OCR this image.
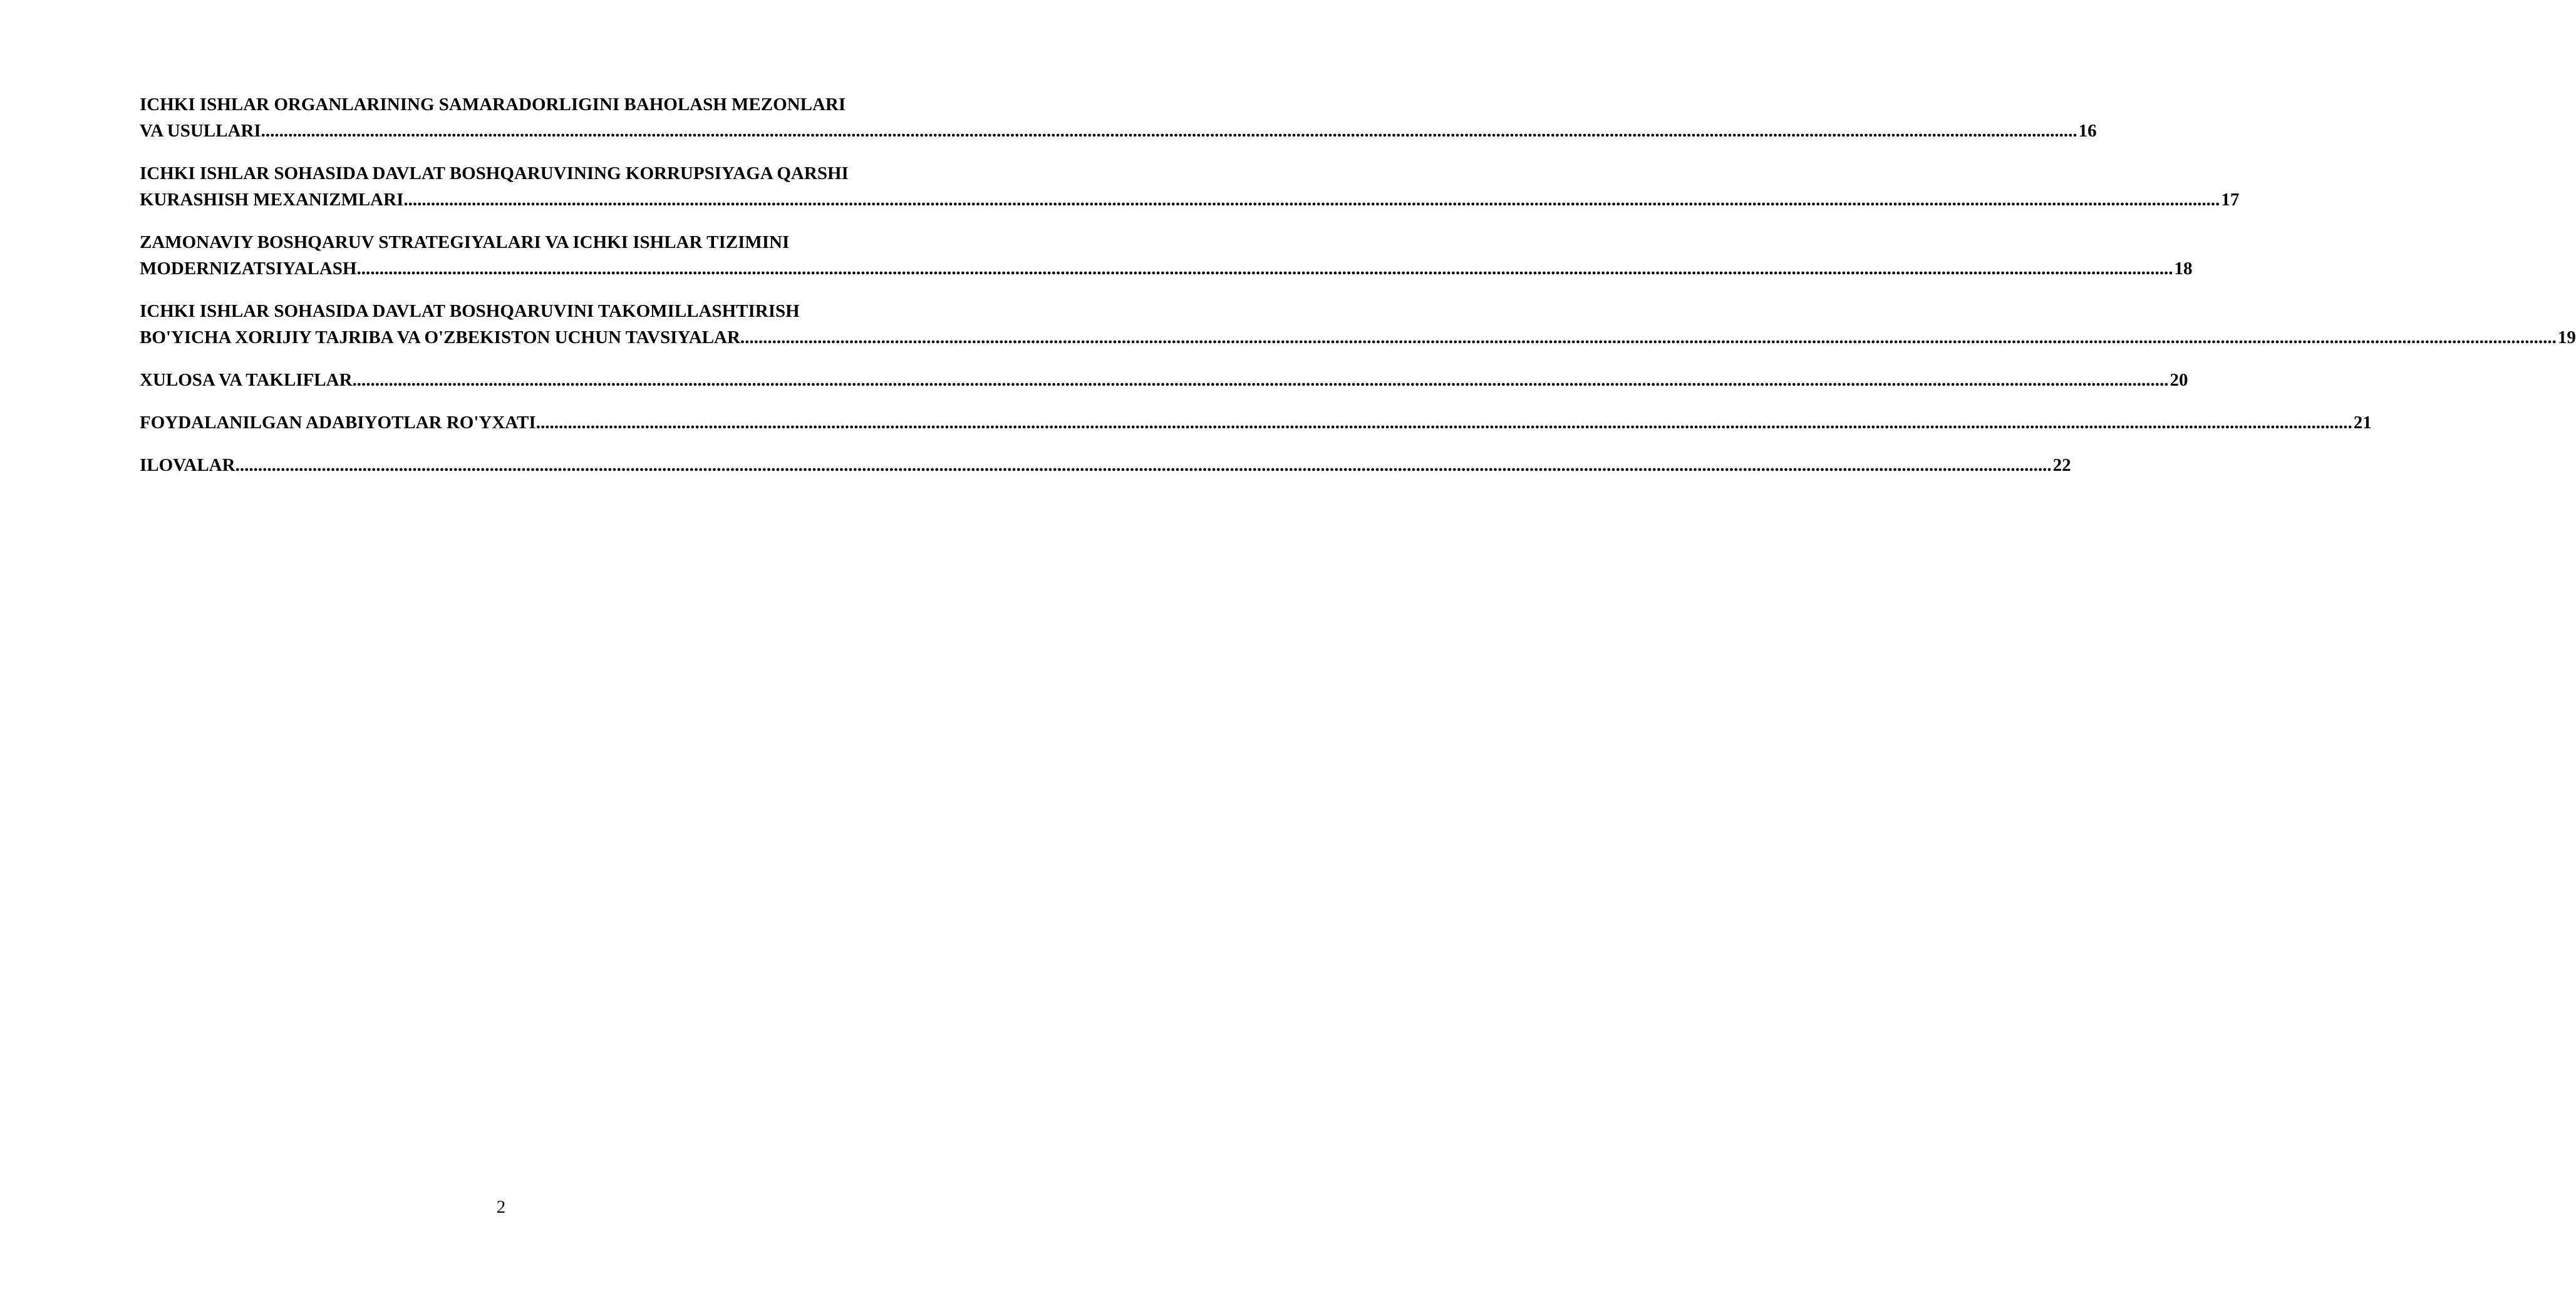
ICHKI ISHLAR ORGANLARINING SAMARADORLIGINI BAHOLASH MEZONLARI
VA USULLARI ................................................................................................................................................................................................................................................................................................................................................................................................................ 16
ICHKI ISHLAR SOHASIDA DAVLAT BOSHQARUVINING KORRUPSIYAGA QARSHI
KURASHISH MEXANIZMLARI ................................................................................................................................................................................................................................................................................................................................................................................................................ 17
ZAMONAVIY BOSHQARUV STRATEGIYALARI VA ICHKI ISHLAR TIZIMINI
MODERNIZATSIYALASH ................................................................................................................................................................................................................................................................................................................................................................................................................ 18
ICHKI ISHLAR SOHASIDA DAVLAT BOSHQARUVINI TAKOMILLASHTIRISH
BO'YICHA XORIJIY TAJRIBA VA O'ZBEKISTON UCHUN TAVSIYALAR ................................................................................................................................................................................................................................................................................................................................................................................................................ 19
XULOSA VA TAKLIFLAR ................................................................................................................................................................................................................................................................................................................................................................................................................ 20
FOYDALANILGAN ADABIYOTLAR RO'YXATI ................................................................................................................................................................................................................................................................................................................................................................................................................ 21
ILOVALAR ................................................................................................................................................................................................................................................................................................................................................................................................................ 22
2
